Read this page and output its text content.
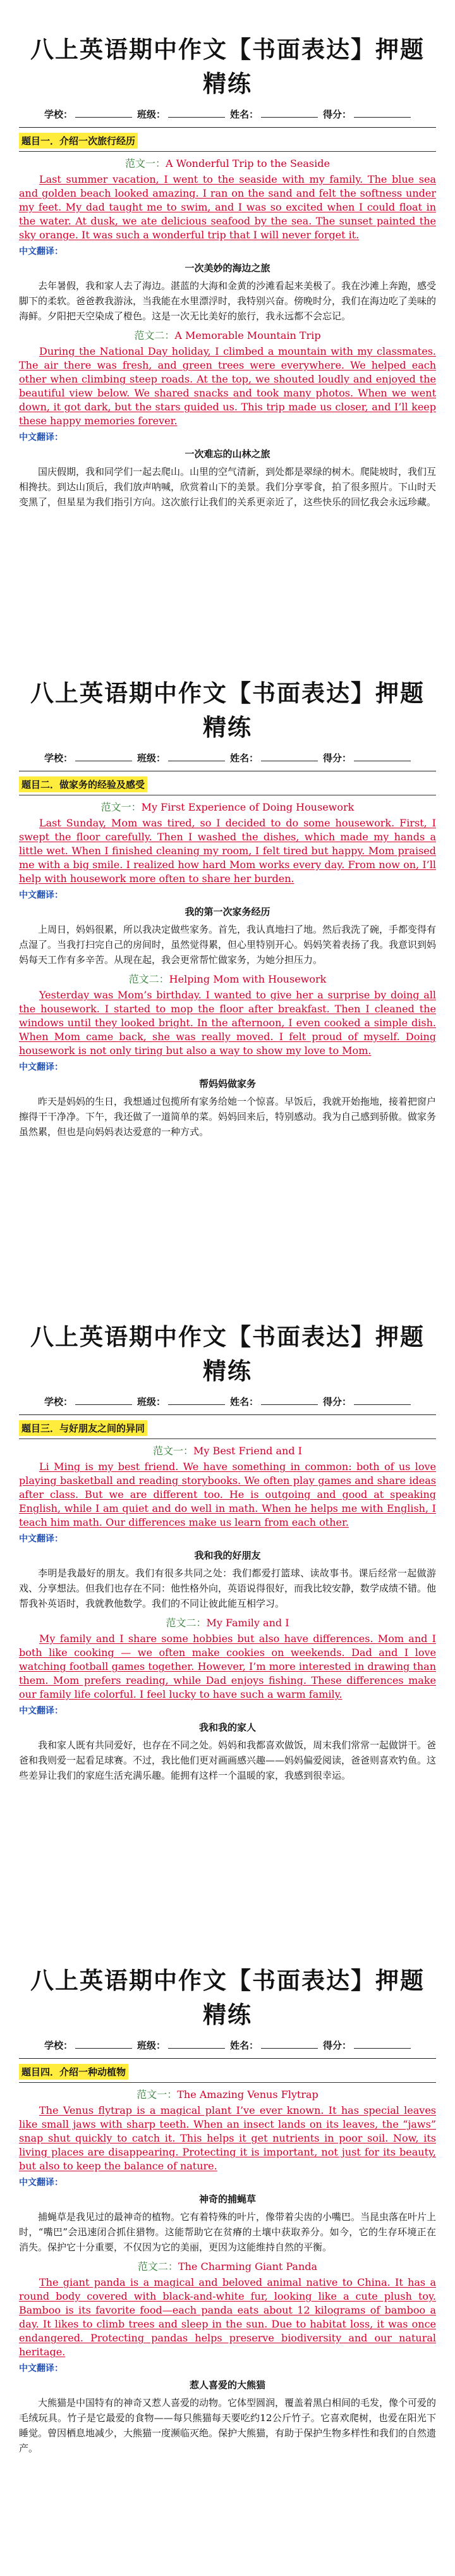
八上英语期中作文【书面表达】押题精练
学校：	班级：	姓名：	得分：
题目一．介绍一次旅行经历
范文一：A Wonderful Trip to the Seaside

Last summer vacation, I went to the seaside with my family. The blue sea and golden beach looked amazing. I ran on the sand and felt the softness under my feet. My dad taught me to swim, and I was so excited when I could float in the water. At dusk, we ate delicious seafood by the sea. The sunset painted the sky orange. It was such a wonderful trip that I will never forget it.

中文翻译：
一次美妙的海边之旅

去年暑假，我和家人去了海边。湛蓝的大海和金黄的沙滩看起来美极了。我在沙滩上奔跑，感受脚下的柔软。爸爸教我游泳，当我能在水里漂浮时，我特别兴奋。傍晚时分，我们在海边吃了美味的海鲜。夕阳把天空染成了橙色。这是一次无比美好的旅行，我永远都不会忘记。

范文二：A Memorable Mountain Trip

During the National Day holiday, I climbed a mountain with my classmates. The air there was fresh, and green trees were everywhere. We helped each other when climbing steep roads. At the top, we shouted loudly and enjoyed the beautiful view below. We shared snacks and took many photos. When we went down, it got dark, but the stars guided us. This trip made us closer, and I’ll keep these happy memories forever.

中文翻译：
一次难忘的山林之旅

国庆假期，我和同学们一起去爬山。山里的空气清新，到处都是翠绿的树木。爬陡坡时，我们互相搀扶。到达山顶后，我们放声呐喊，欣赏着山下的美景。我们分享零食，拍了很多照片。下山时天变黑了，但星星为我们指引方向。这次旅行让我们的关系更亲近了，这些快乐的回忆我会永远珍藏。

八上英语期中作文【书面表达】押题精练
学校：	班级：	姓名：	得分：
题目二．做家务的经验及感受
范文一：My First Experience of Doing Housework

Last Sunday, Mom was tired, so I decided to do some housework. First, I swept the floor carefully. Then I washed the dishes, which made my hands a little wet. When I finished cleaning my room, I felt tired but happy. Mom praised me with a big smile. I realized how hard Mom works every day. From now on, I’ll help with housework more often to share her burden.

中文翻译：
我的第一次家务经历

上周日，妈妈很累，所以我决定做些家务。首先，我认真地扫了地。然后我洗了碗，手都变得有点湿了。当我打扫完自己的房间时，虽然觉得累，但心里特别开心。妈妈笑着表扬了我。我意识到妈妈每天工作有多辛苦。从现在起，我会更常帮忙做家务，为她分担压力。

范文二：Helping Mom with Housework

Yesterday was Mom’s birthday. I wanted to give her a surprise by doing all the housework. I started to mop the floor after breakfast. Then I cleaned the windows until they looked bright. In the afternoon, I even cooked a simple dish. When Mom came back, she was really moved. I felt proud of myself. Doing housework is not only tiring but also a way to show my love to Mom.

中文翻译：
帮妈妈做家务

昨天是妈妈的生日，我想通过包揽所有家务给她一个惊喜。早饭后，我就开始拖地，接着把窗户擦得干干净净。下午，我还做了一道简单的菜。妈妈回来后，特别感动。我为自己感到骄傲。做家务虽然累，但也是向妈妈表达爱意的一种方式。

八上英语期中作文【书面表达】押题精练
学校：	班级：	姓名：	得分：
题目三．与好朋友之间的异同
范文一：My Best Friend and I

Li Ming is my best friend. We have something in common: both of us love playing basketball and reading storybooks. We often play games and share ideas after class. But we are different too. He is outgoing and good at speaking English, while I am quiet and do well in math. When he helps me with English, I teach him math. Our differences make us learn from each other.

中文翻译：
我和我的好朋友

李明是我最好的朋友。我们有很多共同之处：我们都爱打篮球、读故事书。课后经常一起做游戏、分享想法。但我们也存在不同：他性格外向，英语说得很好，而我比较安静，数学成绩不错。他帮我补英语时，我就教他数学。我们的不同让彼此能互相学习。

范文二：My Family and I

My family and I share some hobbies but also have differences. Mom and I both like cooking — we often make cookies on weekends. Dad and I love watching football games together. However, I’m more interested in drawing than them. Mom prefers reading, while Dad enjoys fishing. These differences make our family life colorful. I feel lucky to have such a warm family.

中文翻译：
我和我的家人

我和家人既有共同爱好，也存在不同之处。妈妈和我都喜欢做饭，周末我们常常一起做饼干。爸爸和我则爱一起看足球赛。不过，我比他们更对画画感兴趣——妈妈偏爱阅读，爸爸则喜欢钓鱼。这些差异让我们的家庭生活充满乐趣。能拥有这样一个温暖的家，我感到很幸运。

八上英语期中作文【书面表达】押题精练
学校：	班级：	姓名：	得分：
题目四．介绍一种动植物
范文一：The Amazing Venus Flytrap

The Venus flytrap is a magical plant I’ve ever known. It has special leaves like small jaws with sharp teeth. When an insect lands on its leaves, the “jaws” snap shut quickly to catch it. This helps it get nutrients in poor soil. Now, its living places are disappearing. Protecting it is important, not just for its beauty, but also to keep the balance of nature.

中文翻译：
神奇的捕蝇草

捕蝇草是我见过的最神奇的植物。它有着特殊的叶片，像带着尖齿的小嘴巴。当昆虫落在叶片上时，“嘴巴”会迅速闭合抓住猎物。这能帮助它在贫瘠的土壤中获取养分。如今，它的生存环境正在消失。保护它十分重要，不仅因为它的美丽，更因为这能维持自然的平衡。

范文二：The Charming Giant Panda

The giant panda is a magical and beloved animal native to China. It has a round body covered with black-and-white fur, looking like a cute plush toy. Bamboo is its favorite food—each panda eats about 12 kilograms of bamboo a day. It likes to climb trees and sleep in the sun. Due to habitat loss, it was once endangered. Protecting pandas helps preserve biodiversity and our natural heritage.

中文翻译：
惹人喜爱的大熊猫

大熊猫是中国特有的神奇又惹人喜爱的动物。它体型圆润，覆盖着黑白相间的毛发，像个可爱的毛绒玩具。竹子是它最爱的食物——每只熊猫每天要吃约12公斤竹子。它喜欢爬树，也爱在阳光下睡觉。曾因栖息地减少，大熊猫一度濒临灭绝。保护大熊猫，有助于保护生物多样性和我们的自然遗产。
